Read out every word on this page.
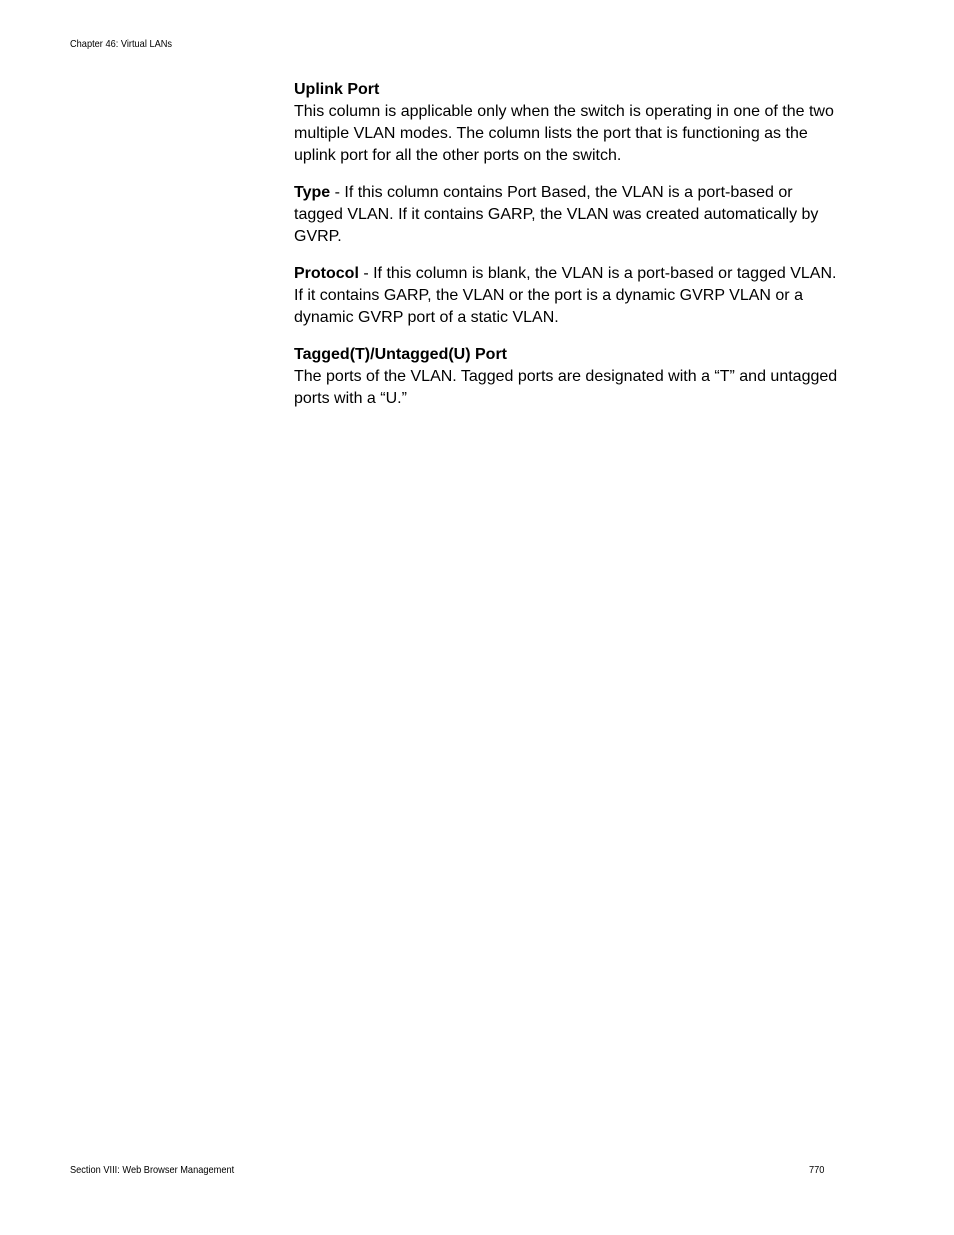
Chapter 46: Virtual LANs
Uplink Port
This column is applicable only when the switch is operating in one of the two multiple VLAN modes. The column lists the port that is functioning as the uplink port for all the other ports on the switch.
Type - If this column contains Port Based, the VLAN is a port-based or tagged VLAN. If it contains GARP, the VLAN was created automatically by GVRP.
Protocol - If this column is blank, the VLAN is a port-based or tagged VLAN. If it contains GARP, the VLAN or the port is a dynamic GVRP VLAN or a dynamic GVRP port of a static VLAN.
Tagged(T)/Untagged(U) Port
The ports of the VLAN. Tagged ports are designated with a “T” and untagged ports with a “U.”
Section VIII: Web Browser Management	770
